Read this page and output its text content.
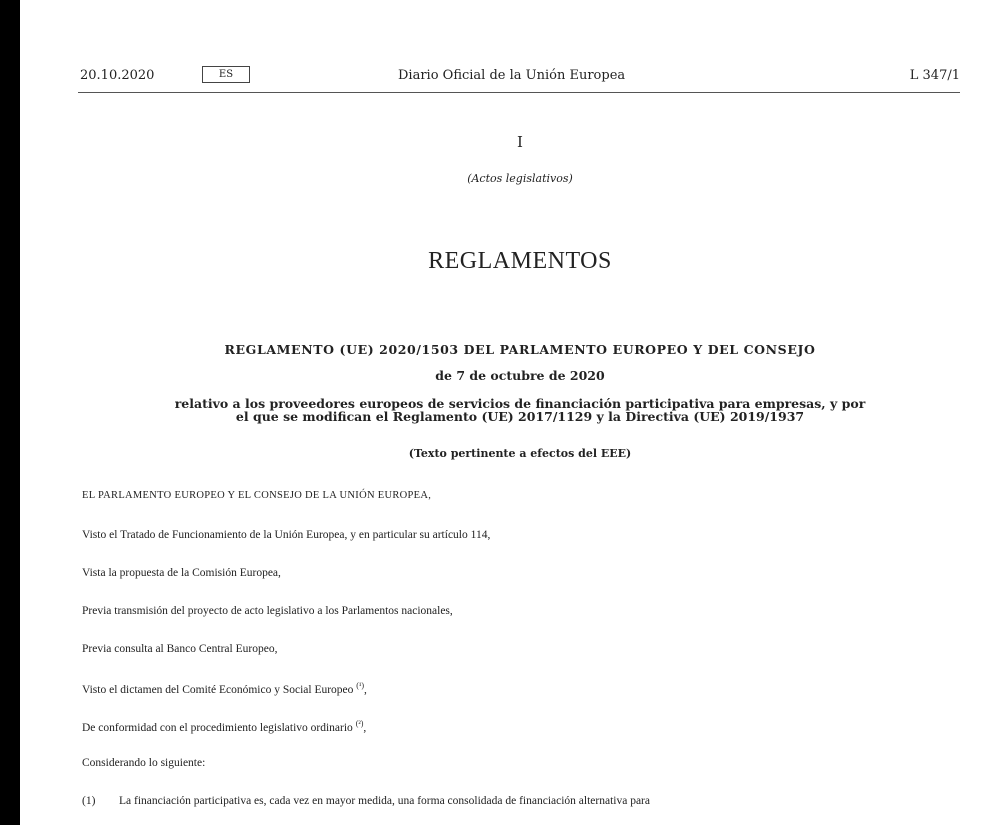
20.10.2020	ES	Diario Oficial de la Unión Europea	L 347/1
I
(Actos legislativos)
REGLAMENTOS
REGLAMENTO (UE) 2020/1503 DEL PARLAMENTO EUROPEO Y DEL CONSEJO
de 7 de octubre de 2020
relativo a los proveedores europeos de servicios de financiación participativa para empresas, y por
el que se modifican el Reglamento (UE) 2017/1129 y la Directiva (UE) 2019/1937
(Texto pertinente a efectos del EEE)
EL PARLAMENTO EUROPEO Y EL CONSEJO DE LA UNIÓN EUROPEA,
Visto el Tratado de Funcionamiento de la Unión Europea, y en particular su artículo 114,
Vista la propuesta de la Comisión Europea,
Previa transmisión del proyecto de acto legislativo a los Parlamentos nacionales,
Previa consulta al Banco Central Europeo,
Visto el dictamen del Comité Económico y Social Europeo $^{(^1)}$,
De conformidad con el procedimiento legislativo ordinario $^{(^2)}$,
Considerando lo siguiente:
(1) La financiación participativa es, cada vez en mayor medida, una forma consolidada de financiación alternativa para
